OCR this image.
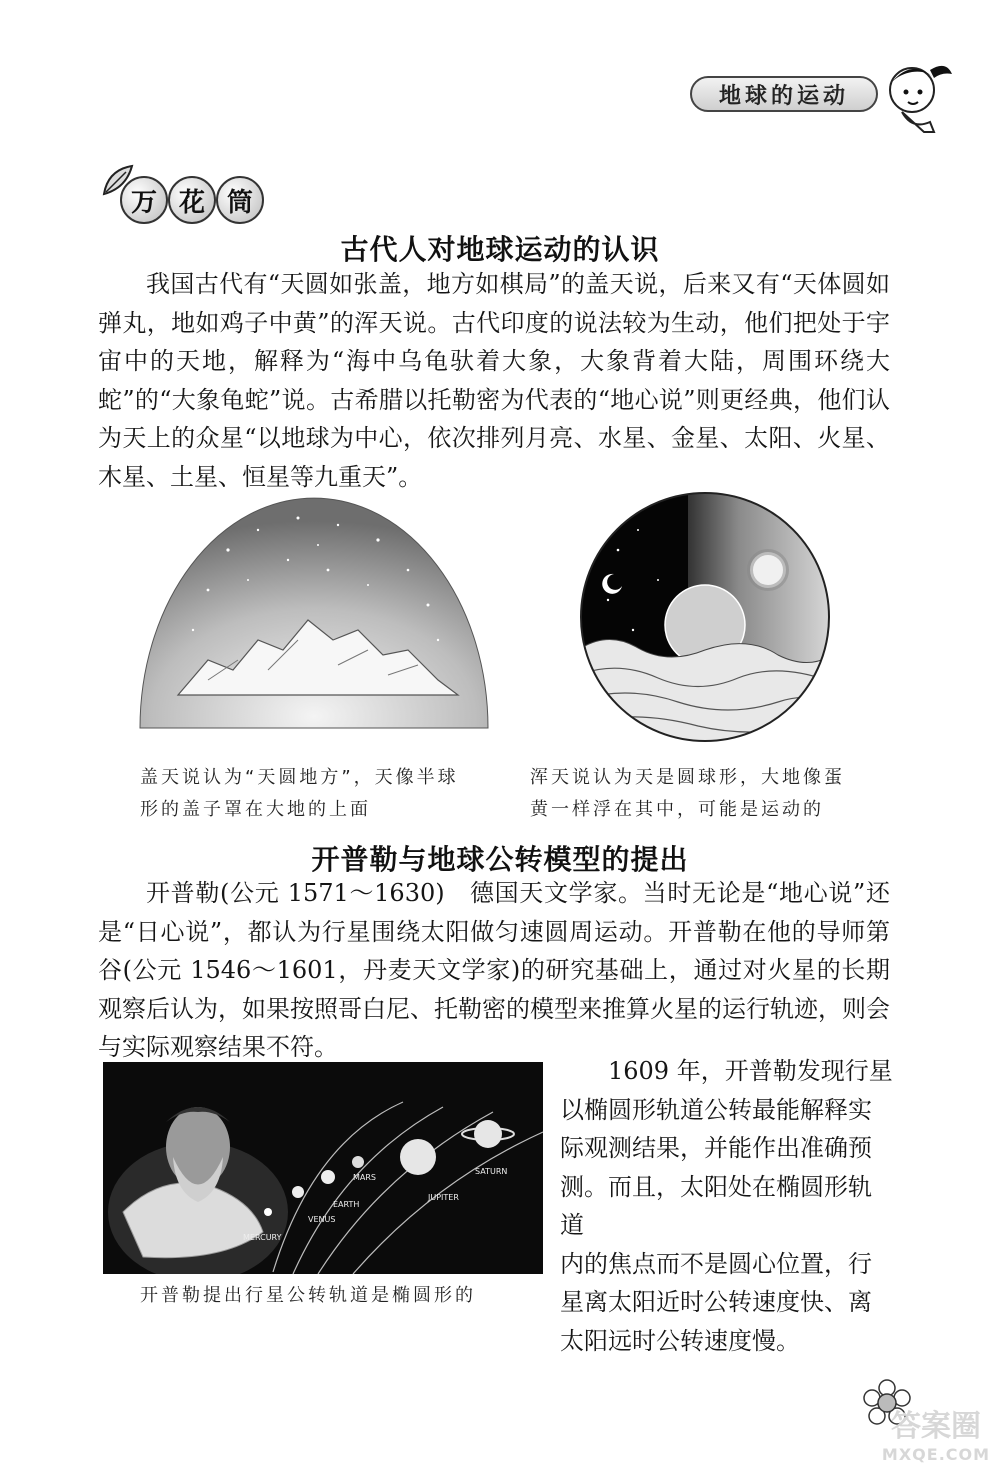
地球的运动
万 花 筒
古代人对地球运动的认识
我国古代有“天圆如张盖，地方如棋局”的盖天说，后来又有“天体圆如弹丸，地如鸡子中黄”的浑天说。古代印度的说法较为生动，他们把处于宇宙中的天地，解释为“海中乌龟驮着大象，大象背着大陆，周围环绕大蛇”的“大象龟蛇”说。古希腊以托勒密为代表的“地心说”则更经典，他们认为天上的众星“以地球为中心，依次排列月亮、水星、金星、太阳、火星、木星、土星、恒星等九重天”。
盖天说认为“天圆地方”，天像半球
形的盖子罩在大地的上面
浑天说认为天是圆球形，大地像蛋
黄一样浮在其中，可能是运动的
开普勒与地球公转模型的提出
开普勒(公元 1571～1630)　德国天文学家。当时无论是“地心说”还是“日心说”，都认为行星围绕太阳做匀速圆周运动。开普勒在他的导师第谷(公元 1546～1601，丹麦天文学家)的研究基础上，通过对火星的长期观察后认为，如果按照哥白尼、托勒密的模型来推算火星的运行轨迹，则会与实际观察结果不符。
MERCURY
VENUS
EARTH
MARS
JUPITER
SATURN
开普勒提出行星公转轨道是椭圆形的
1609 年，开普勒发现行星
以椭圆形轨道公转最能解释实
际观测结果，并能作出准确预
测。而且，太阳处在椭圆形轨道
内的焦点而不是圆心位置，行
星离太阳近时公转速度快、离
太阳远时公转速度慢。
答案圈
MXQE.COM
